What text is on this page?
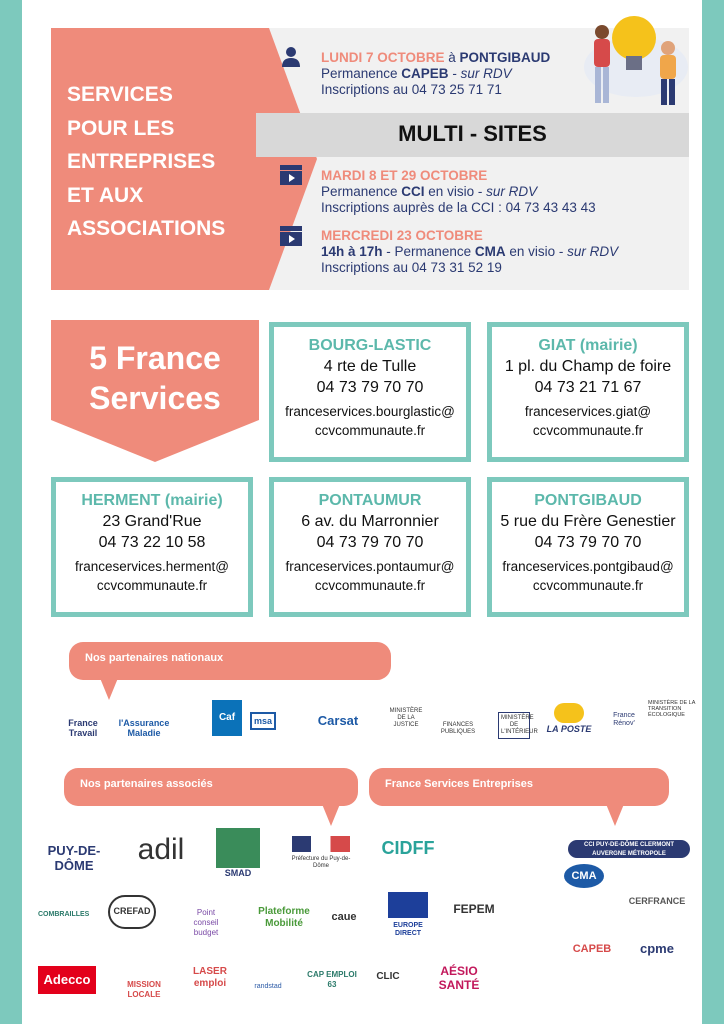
SERVICES
POUR LES
ENTREPRISES
ET AUX
ASSOCIATIONS
MULTI - SITES
LUNDI 7 OCTOBRE à PONTGIBAUD
Permanence CAPEB - sur RDV
Inscriptions au 04 73 25 71 71
MARDI 8 ET 29 OCTOBRE
Permanence CCI en visio - sur RDV
Inscriptions auprès de la CCI : 04 73 43 43 43
MERCREDI 23 OCTOBRE
14h à 17h - Permanence CMA en visio - sur RDV
Inscriptions au 04 73 31 52 19
5 France
Services
BOURG-LASTIC
4 rte de Tulle
04 73 79 70 70
franceservices.bourglastic@
ccvcommunaute.fr
GIAT (mairie)
1 pl. du Champ de foire
04 73 21 71 67
franceservices.giat@
ccvcommunaute.fr
HERMENT (mairie)
23 Grand'Rue
04 73 22 10 58
franceservices.herment@
ccvcommunaute.fr
PONTAUMUR
6 av. du Marronnier
04 73 79 70 70
franceservices.pontaumur@
ccvcommunaute.fr
PONTGIBAUD
5 rue du Frère Genestier
04 73 79 70 70
franceservices.pontgibaud@
ccvcommunaute.fr
Nos partenaires nationaux
France Travail
l'Assurance Maladie
Caf	msa	Carsat
MINISTÈRE DE LA JUSTICE	FINANCES PUBLIQUES
MINISTÈRE DE L'INTÉRIEUR LA POSTE
France Rénov'
MINISTÈRE DE LA TRANSITION ÉCOLOGIQUE
Nos partenaires associés	France Services Entreprises
PUY-DE-DÔME	adil
SMAD
Préfecture du Puy-de-Dôme
CIDFF
COMBRAILLES	CREFAD	Point conseil budget
Plateforme Mobilité
caue
EUROPE DIRECT
FEPEM
Adecco	MISSION LOCALE
LASER emploi	randstad
CAP EMPLOI 63
CLIC	AÉSIO SANTÉ
CCI PUY-DE-DÔME CLERMONT AUVERGNE MÉTROPOLE
CMA
CERFRANCE
CAPEB	cpme
